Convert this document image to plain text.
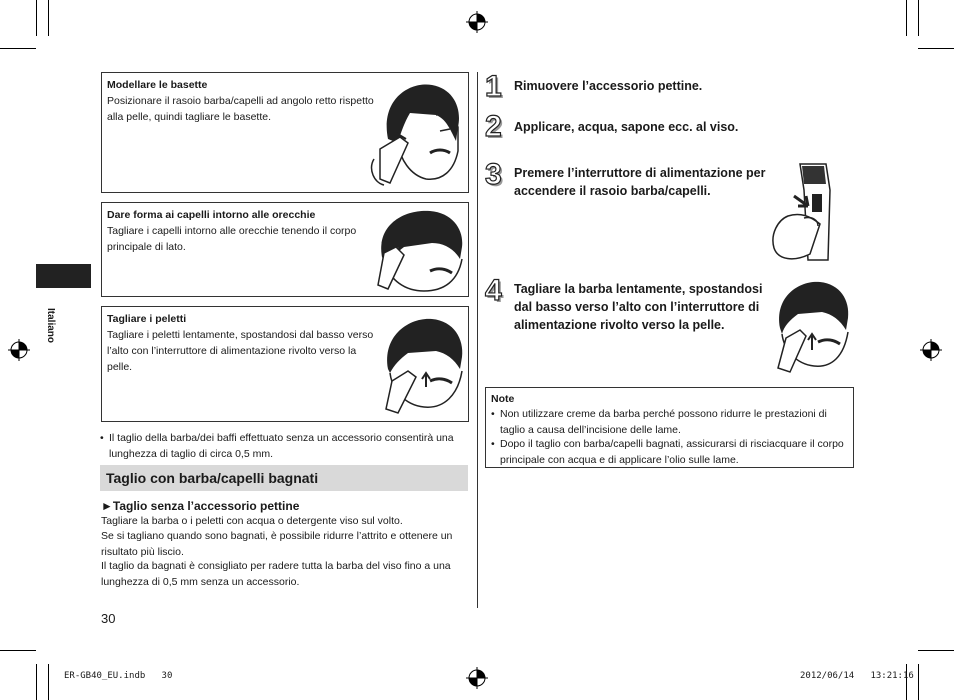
Italiano
Modellare le basette
Posizionare il rasoio barba/capelli ad angolo retto rispetto alla pelle, quindi tagliare le basette.
Dare forma ai capelli intorno alle orecchie
Tagliare i capelli intorno alle orecchie tenendo il corpo principale di lato.
Tagliare i peletti
Tagliare i peletti lentamente, spostandosi dal basso verso l’alto con l’interruttore di alimentazione rivolto verso la pelle.
• Il taglio della barba/dei baffi effettuato senza un accessorio consentirà una lunghezza di taglio di circa 0,5 mm.
Taglio con barba/capelli bagnati
►Taglio senza l’accessorio pettine
Tagliare la barba o i peletti con acqua o detergente viso sul volto.
Se si tagliano quando sono bagnati, è possibile ridurre l’attrito e ottenere un risultato più liscio.
Il taglio da bagnati è consigliato per radere tutta la barba del viso fino a una lunghezza di 0,5 mm senza un accessorio.
30
1 Rimuovere l’accessorio pettine.
2 Applicare, acqua, sapone ecc. al viso.
3 Premere l’interruttore di alimentazione per accendere il rasoio barba/capelli.
4 Tagliare la barba lentamente, spostandosi dal basso verso l’alto con l’interruttore di alimentazione rivolto verso la pelle.
Note
• Non utilizzare creme da barba perché possono ridurre le prestazioni di taglio a causa dell’incisione delle lame.
• Dopo il taglio con barba/capelli bagnati, assicurarsi di risciacquare il corpo principale con acqua e di applicare l’olio sulle lame.
ER-GB40_EU.indb   30	2012/06/14   13:21:16
